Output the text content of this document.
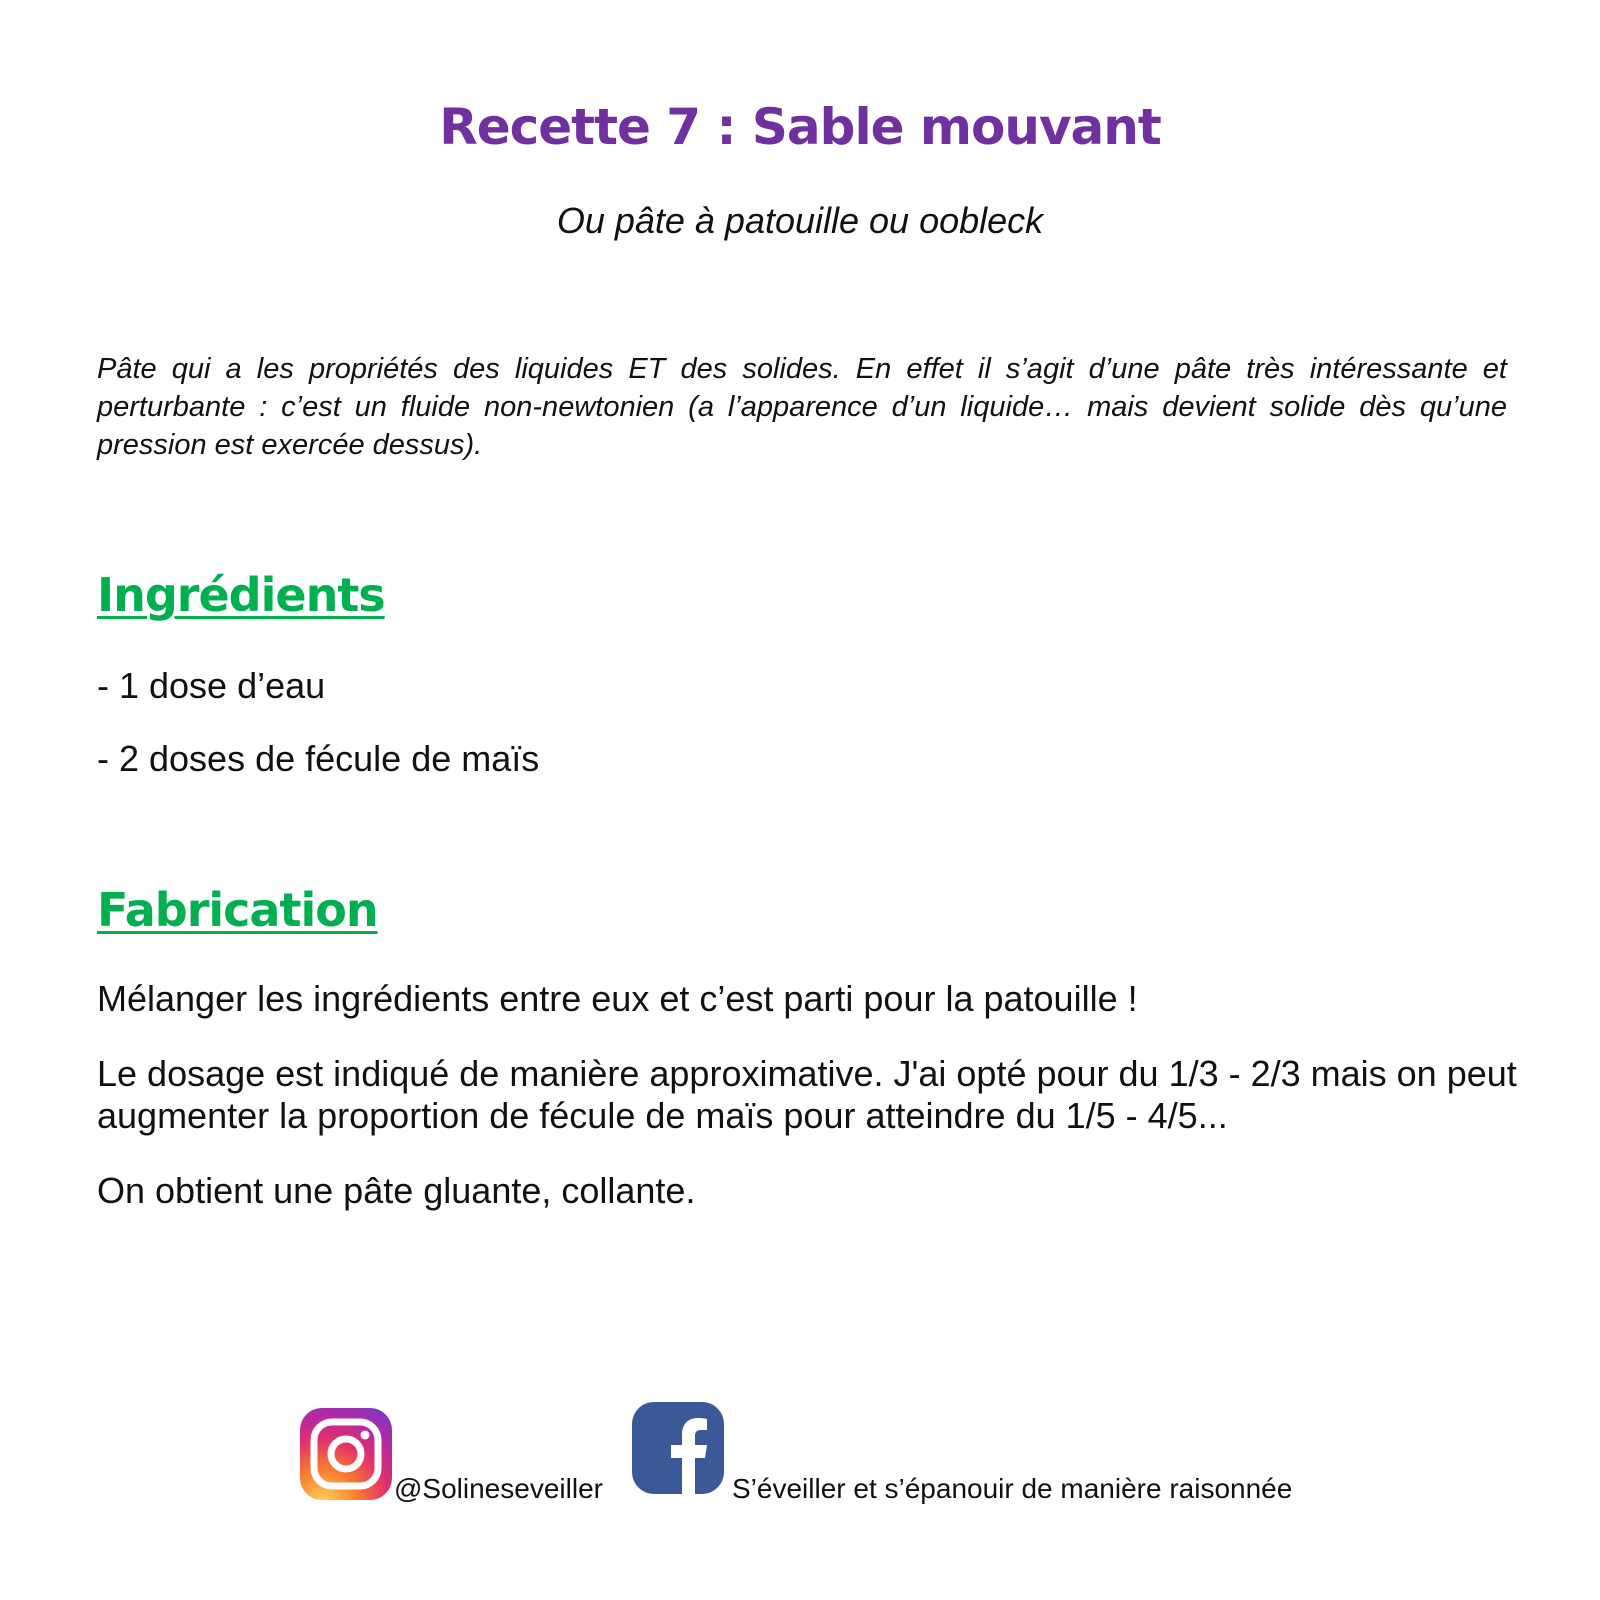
Recette 7 : Sable mouvant

Ou pâte à patouille ou oobleck

Pâte qui a les propriétés des liquides ET des solides. En effet il s’agit d’une pâte très intéressante et perturbante : c’est un fluide non-newtonien (a l’apparence d’un liquide… mais devient solide dès qu’une pression est exercée dessus).

Ingrédients

- 1 dose d’eau

- 2 doses de fécule de maïs

Fabrication

Mélanger les ingrédients entre eux et c’est parti pour la patouille !

Le dosage est indiqué de manière approximative. J'ai opté pour du 1/3 - 2/3 mais on peut augmenter la proportion de fécule de maïs pour atteindre du 1/5 - 4/5...

On obtient une pâte gluante, collante.

@Solineseveiller	S’éveiller et s’épanouir de manière raisonnée
